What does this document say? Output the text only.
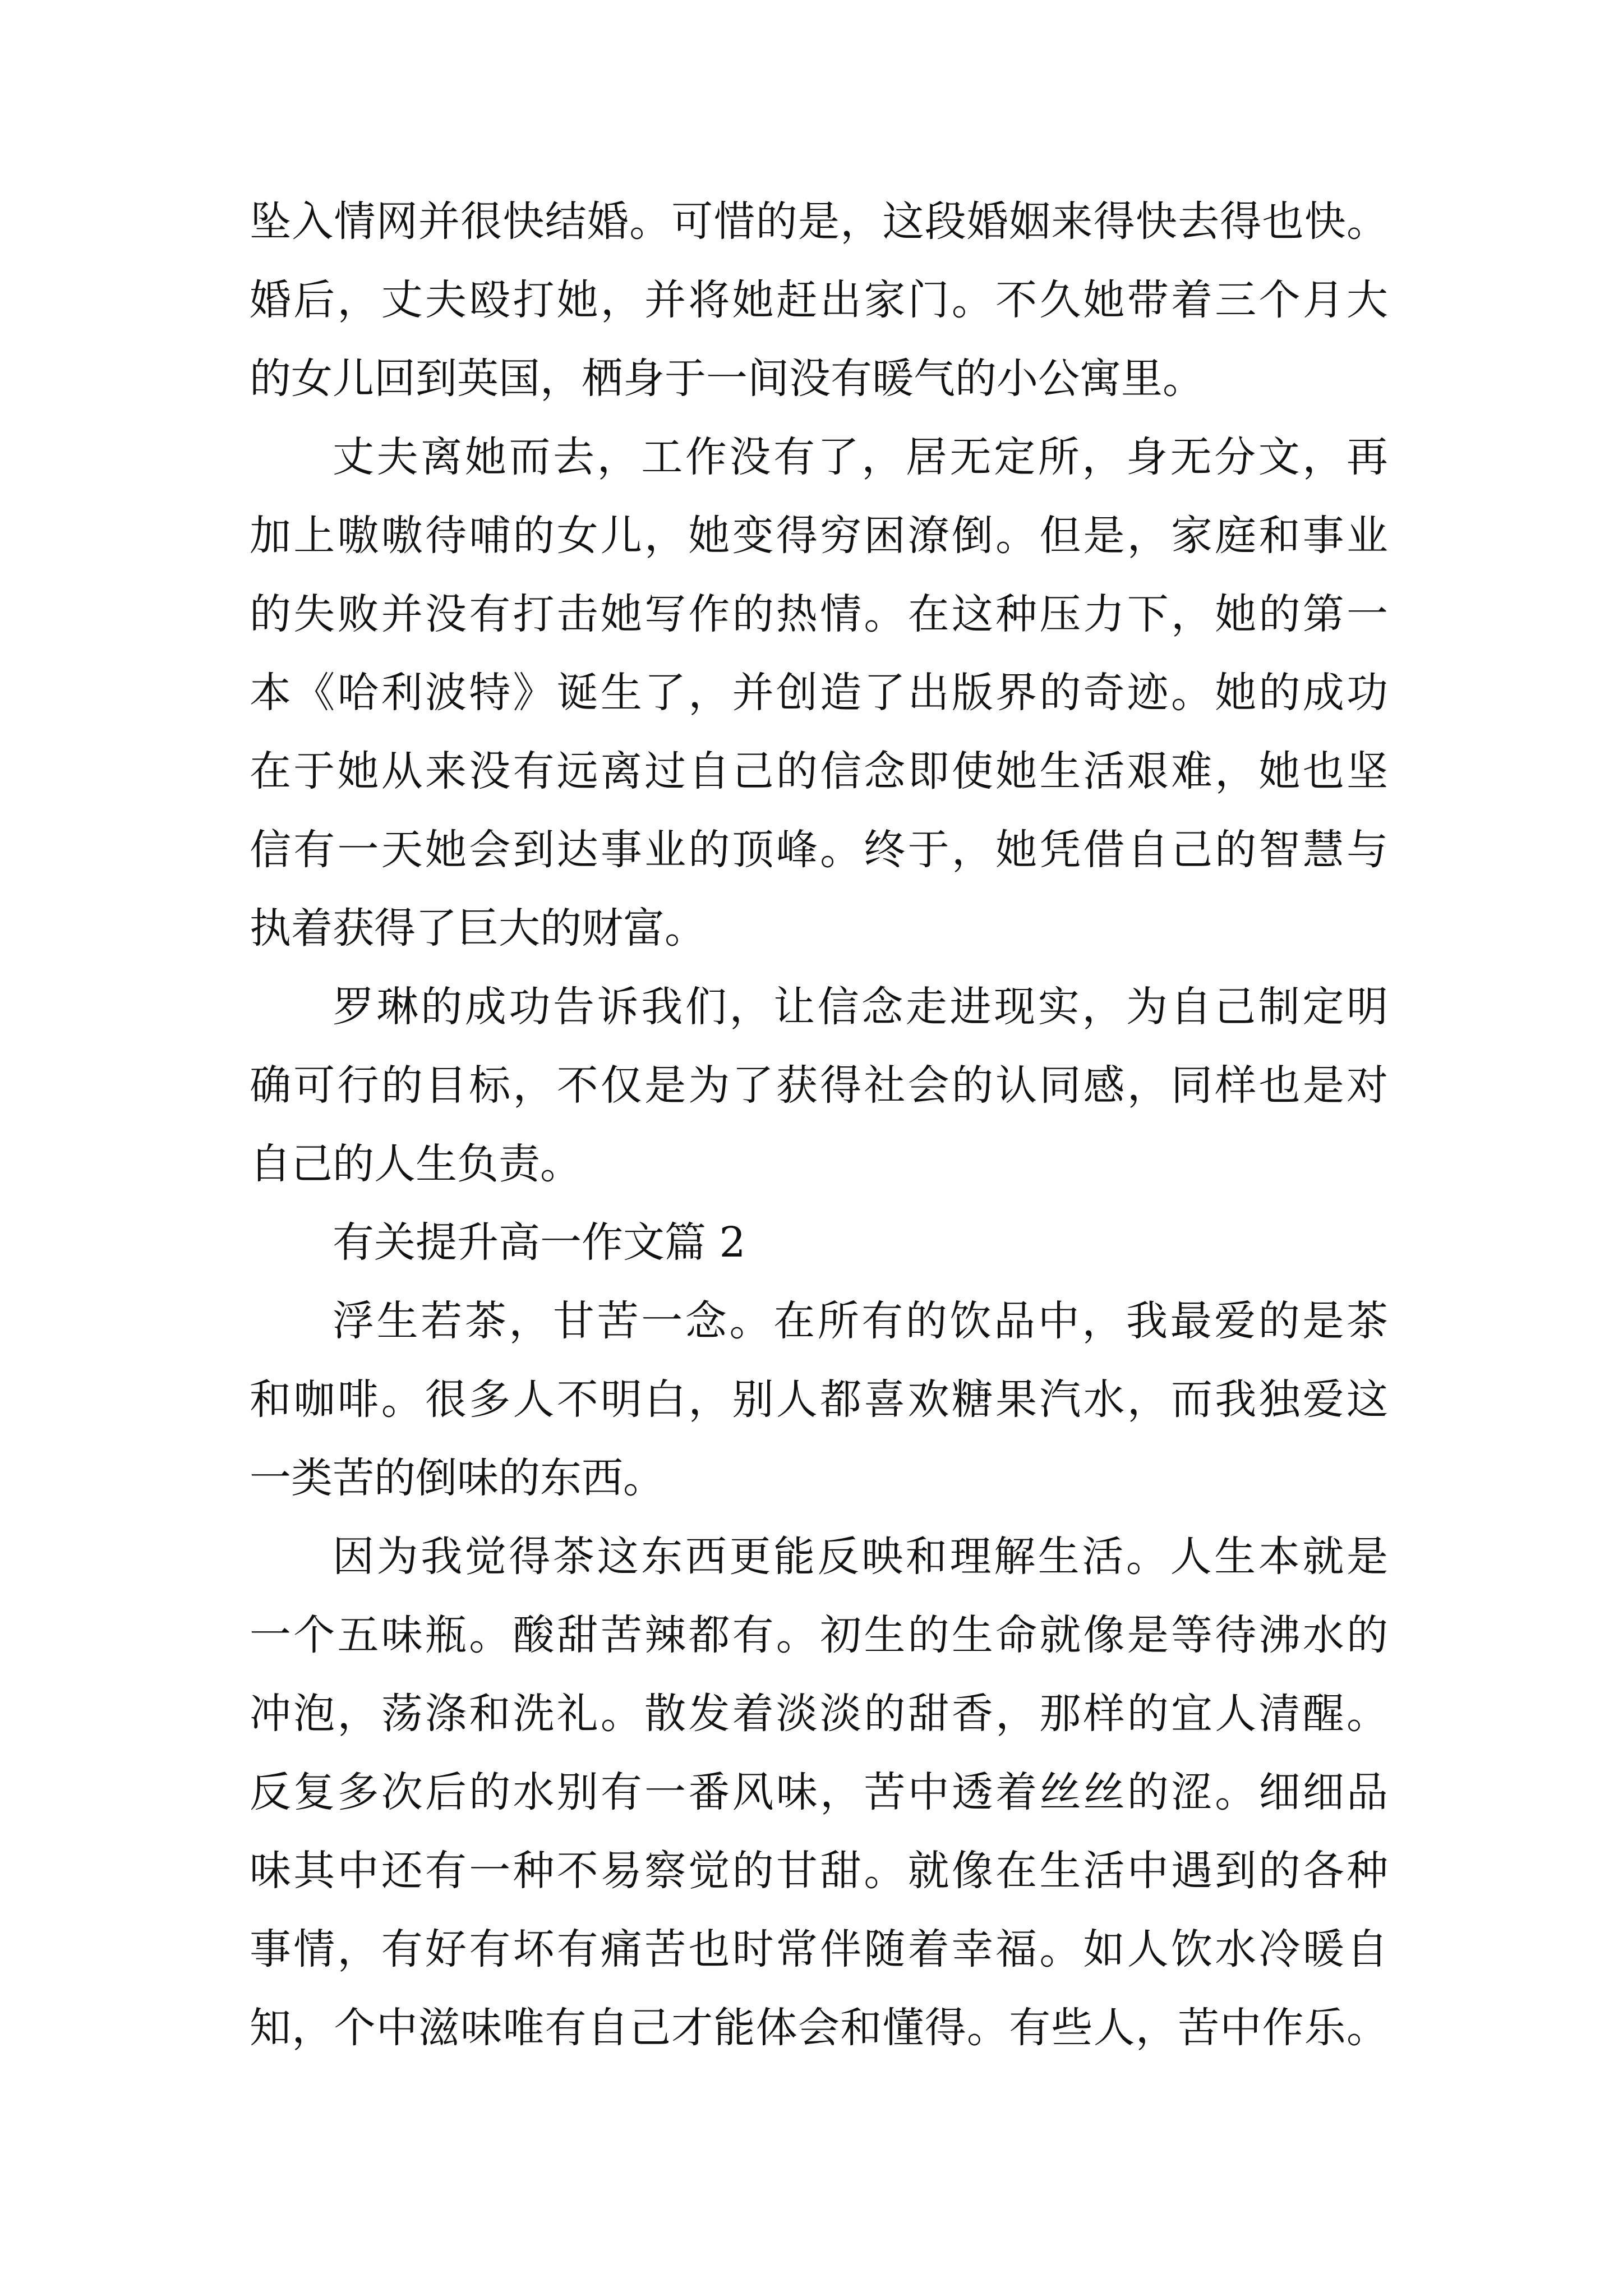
坠入情网并很快结婚。可惜的是，这段婚姻来得快去得也快。
婚后，丈夫殴打她，并将她赶出家门。不久她带着三个月大
的女儿回到英国，栖身于一间没有暖气的小公寓里。
丈夫离她而去，工作没有了，居无定所，身无分文，再
加上嗷嗷待哺的女儿，她变得穷困潦倒。但是，家庭和事业
的失败并没有打击她写作的热情。在这种压力下，她的第一
本《哈利波特》诞生了，并创造了出版界的奇迹。她的成功
在于她从来没有远离过自己的信念即使她生活艰难，她也坚
信有一天她会到达事业的顶峰。终于，她凭借自己的智慧与
执着获得了巨大的财富。
罗琳的成功告诉我们，让信念走进现实，为自己制定明
确可行的目标，不仅是为了获得社会的认同感，同样也是对
自己的人生负责。
有关提升高一作文篇 2
浮生若茶，甘苦一念。在所有的饮品中，我最爱的是茶
和咖啡。很多人不明白，别人都喜欢糖果汽水，而我独爱这
一类苦的倒味的东西。
因为我觉得茶这东西更能反映和理解生活。人生本就是
一个五味瓶。酸甜苦辣都有。初生的生命就像是等待沸水的
冲泡，荡涤和洗礼。散发着淡淡的甜香，那样的宜人清醒。
反复多次后的水别有一番风味，苦中透着丝丝的涩。细细品
味其中还有一种不易察觉的甘甜。就像在生活中遇到的各种
事情，有好有坏有痛苦也时常伴随着幸福。如人饮水冷暖自
知，个中滋味唯有自己才能体会和懂得。有些人，苦中作乐。
